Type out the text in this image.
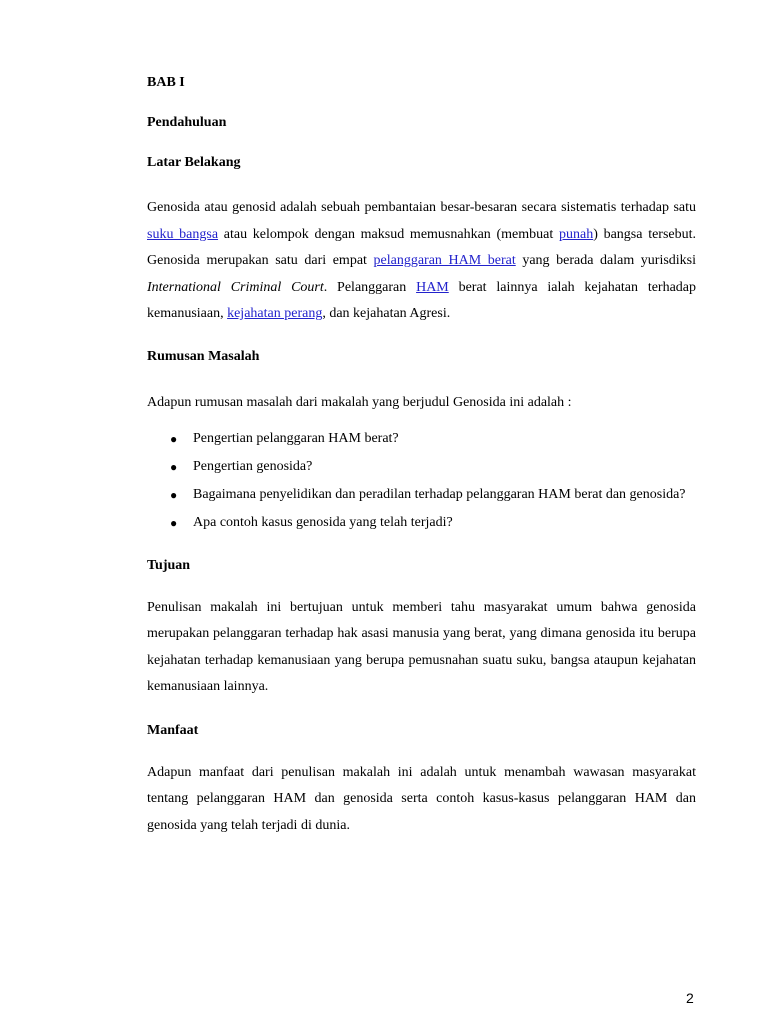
BAB I

Pendahuluan

Latar Belakang

Genosida atau genosid adalah sebuah pembantaian besar-besaran secara sistematis terhadap satu suku bangsa atau kelompok dengan maksud memusnahkan (membuat punah) bangsa tersebut. Genosida merupakan satu dari empat pelanggaran HAM berat yang berada dalam yurisdiksi International Criminal Court. Pelanggaran HAM berat lainnya ialah kejahatan terhadap kemanusiaan, kejahatan perang, dan kejahatan Agresi.

Rumusan Masalah

Adapun rumusan masalah dari makalah yang berjudul Genosida ini adalah :

● Pengertian pelanggaran HAM berat?
● Pengertian genosida?
● Bagaimana penyelidikan dan peradilan terhadap pelanggaran HAM berat dan genosida?
● Apa contoh kasus genosida yang telah terjadi?

Tujuan

Penulisan makalah ini bertujuan untuk memberi tahu masyarakat umum bahwa genosida merupakan pelanggaran terhadap hak asasi manusia yang berat, yang dimana genosida itu berupa kejahatan terhadap kemanusiaan yang berupa pemusnahan suatu suku, bangsa ataupun kejahatan kemanusiaan lainnya.

Manfaat

Adapun manfaat dari penulisan makalah ini adalah untuk menambah wawasan masyarakat tentang pelanggaran HAM dan genosida serta contoh kasus-kasus pelanggaran HAM dan genosida yang telah terjadi di dunia.

2
